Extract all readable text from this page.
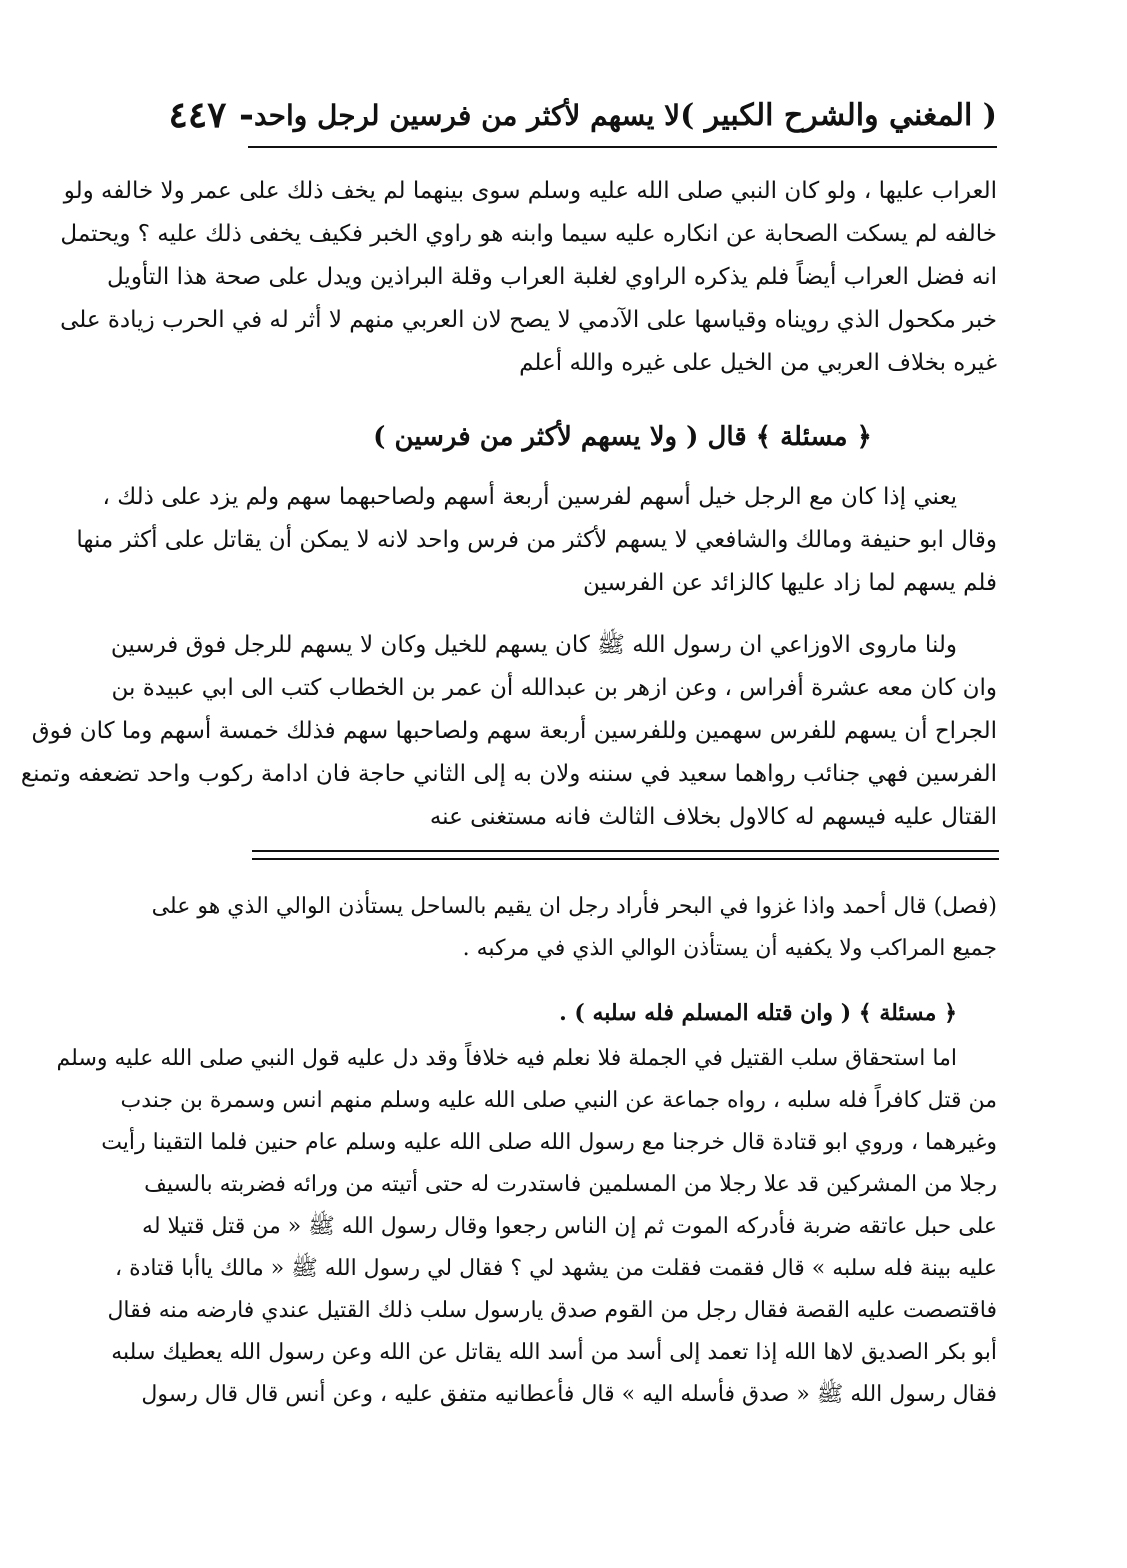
( المغني والشرح الكبير )
لا يسهم لأكثر من فرسين لرجل واحد
٤٤٧ -
العراب عليها ، ولو كان النبي صلى الله عليه وسلم سوى بينهما لم يخف ذلك على عمر ولا خالفه ولو
خالفه لم يسكت الصحابة عن انكاره عليه سيما وابنه هو راوي الخبر فكيف يخفى ذلك عليه ؟ ويحتمل
انه فضل العراب أيضاً فلم يذكره الراوي لغلبة العراب وقلة البراذين ويدل على صحة هذا التأويل
خبر مكحول الذي رويناه وقياسها على الآدمي لا يصح لان العربي منهم لا أثر له في الحرب زيادة على
غيره بخلاف العربي من الخيل على غيره والله أعلم
﴿ مسئلة ﴾ قال ( ولا يسهم لأكثر من فرسين )
يعني إذا كان مع الرجل خيل أسهم لفرسين أربعة أسهم ولصاحبهما سهم ولم يزد على ذلك ،
وقال ابو حنيفة ومالك والشافعي لا يسهم لأكثر من فرس واحد لانه لا يمكن أن يقاتل على أكثر منها
فلم يسهم لما زاد عليها كالزائد عن الفرسين
ولنا ماروى الاوزاعي ان رسول الله ﷺ كان يسهم للخيل وكان لا يسهم للرجل فوق فرسين
وان كان معه عشرة أفراس ، وعن ازهر بن عبدالله أن عمر بن الخطاب كتب الى ابي عبيدة بن
الجراح أن يسهم للفرس سهمين وللفرسين أربعة سهم ولصاحبها سهم فذلك خمسة أسهم وما كان فوق
الفرسين فهي جنائب رواهما سعيد في سننه ولان به إلى الثاني حاجة فان ادامة ركوب واحد تضعفه وتمنع
القتال عليه فيسهم له كالاول بخلاف الثالث فانه مستغنى عنه
(فصل) قال أحمد واذا غزوا في البحر فأراد رجل ان يقيم بالساحل يستأذن الوالي الذي هو على
جميع المراكب ولا يكفيه أن يستأذن الوالي الذي في مركبه .
﴿ مسئلة ﴾ ( وان قتله المسلم فله سلبه ) .
اما استحقاق سلب القتيل في الجملة فلا نعلم فيه خلافاً وقد دل عليه قول النبي صلى الله عليه وسلم
من قتل كافراً فله سلبه ، رواه جماعة عن النبي صلى الله عليه وسلم منهم انس وسمرة بن جندب
وغيرهما ، وروي ابو قتادة قال خرجنا مع رسول الله صلى الله عليه وسلم عام حنين فلما التقينا رأيت
رجلا من المشركين قد علا رجلا من المسلمين فاستدرت له حتى أتيته من ورائه فضربته بالسيف
على حبل عاتقه ضربة فأدركه الموت ثم إن الناس رجعوا وقال رسول الله ﷺ « من قتل قتيلا له
عليه بينة فله سلبه » قال فقمت فقلت من يشهد لي ؟ فقال لي رسول الله ﷺ « مالك ياأبا قتادة ،
فاقتصصت عليه القصة فقال رجل من القوم صدق يارسول سلب ذلك القتيل عندي فارضه منه فقال
أبو بكر الصديق لاها الله إذا تعمد إلى أسد من أسد الله يقاتل عن الله وعن رسول الله يعطيك سلبه
فقال رسول الله ﷺ « صدق فأسله اليه » قال فأعطانيه متفق عليه ، وعن أنس قال قال رسول
